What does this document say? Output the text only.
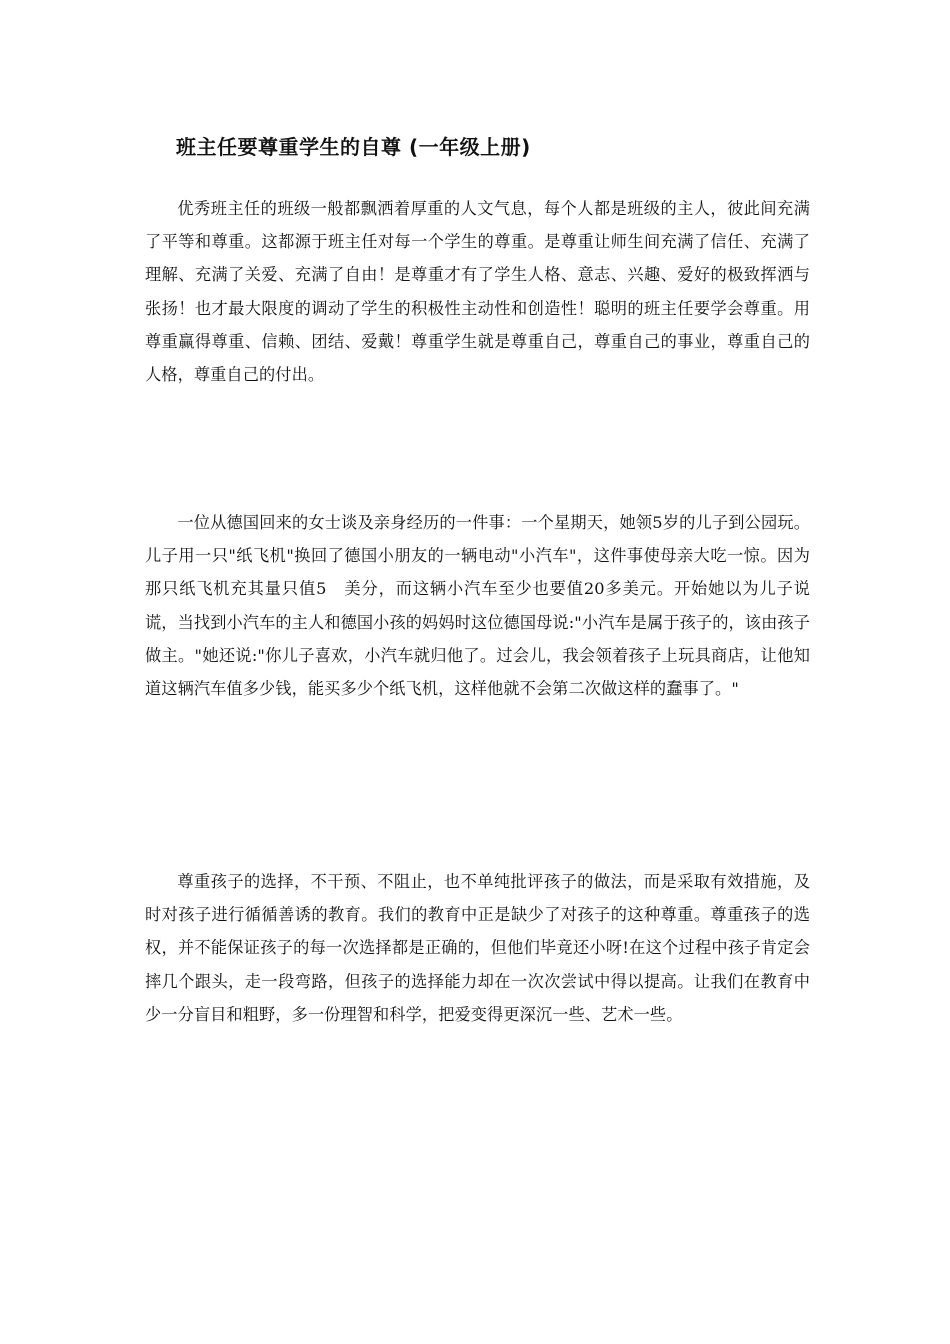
班主任要尊重学生的自尊 (一年级上册)

优秀班主任的班级一般都飘洒着厚重的人文气息，每个人都是班级的主人，彼此间充满了平等和尊重。这都源于班主任对每一个学生的尊重。是尊重让师生间充满了信任、充满了理解、充满了关爱、充满了自由！是尊重才有了学生人格、意志、兴趣、爱好的极致挥洒与张扬！也才最大限度的调动了学生的积极性主动性和创造性！聪明的班主任要学会尊重。用尊重赢得尊重、信赖、团结、爱戴！尊重学生就是尊重自己，尊重自己的事业，尊重自己的人格，尊重自己的付出。

一位从德国回来的女士谈及亲身经历的一件事：一个星期天，她领5岁的儿子到公园玩。儿子用一只"纸飞机"换回了德国小朋友的一辆电动"小汽车"，这件事使母亲大吃一惊。因为那只纸飞机充其量只值5　美分，而这辆小汽车至少也要值20多美元。开始她以为儿子说谎，当找到小汽车的主人和德国小孩的妈妈时这位德国母说:"小汽车是属于孩子的，该由孩子做主。"她还说:"你儿子喜欢，小汽车就归他了。过会儿，我会领着孩子上玩具商店，让他知道这辆汽车值多少钱，能买多少个纸飞机，这样他就不会第二次做这样的蠢事了。"

尊重孩子的选择，不干预、不阻止，也不单纯批评孩子的做法，而是采取有效措施，及时对孩子进行循循善诱的教育。我们的教育中正是缺少了对孩子的这种尊重。尊重孩子的选权，并不能保证孩子的每一次选择都是正确的，但他们毕竟还小呀!在这个过程中孩子肯定会摔几个跟头，走一段弯路，但孩子的选择能力却在一次次尝试中得以提高。让我们在教育中少一分盲目和粗野，多一份理智和科学，把爱变得更深沉一些、艺术一些。
